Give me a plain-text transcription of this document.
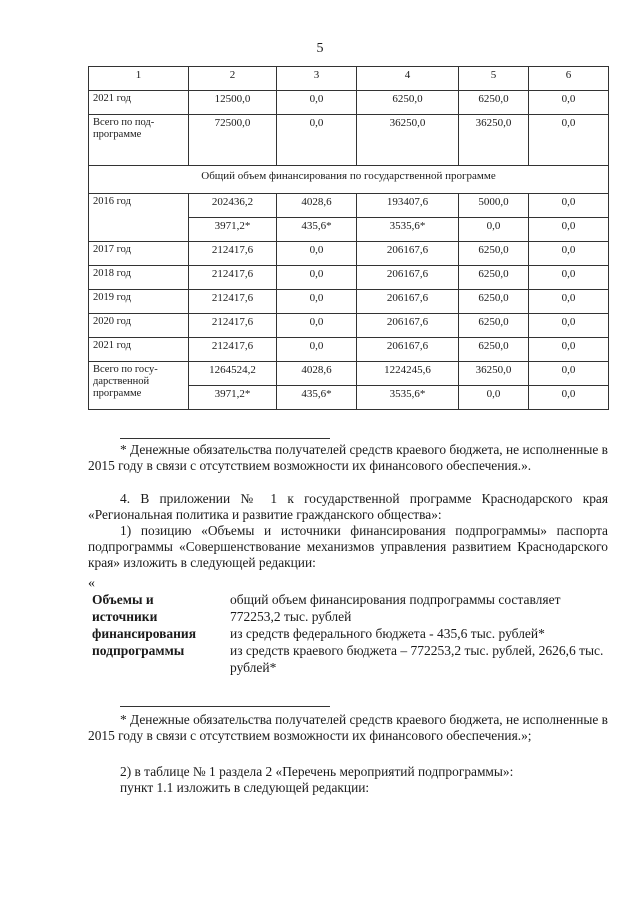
5
1	2	3	4	5	6
2021 год	12500,0	0,0	6250,0	6250,0	0,0
Всего по под-программе	72500,0	0,0	36250,0	36250,0	0,0
Общий объем финансирования по государственной программе					
2016 год	202436,2	4028,6	193407,6	5000,0	0,0
	3971,2*	435,6*	3535,6*	0,0	0,0
2017 год	212417,6	0,0	206167,6	6250,0	0,0
2018 год	212417,6	0,0	206167,6	6250,0	0,0
2019 год	212417,6	0,0	206167,6	6250,0	0,0
2020 год	212417,6	0,0	206167,6	6250,0	0,0
2021 год	212417,6	0,0	206167,6	6250,0	0,0
Всего по госу-дарственной программе	1264524,2	4028,6	1224245,6	36250,0	0,0
	3971,2*	435,6*	3535,6*	0,0	0,0
* Денежные обязательства получателей средств краевого бюджета, не исполненные в 2015 году в связи с отсутствием возможности их финансового обеспечения.».
4. В приложении № 1 к государственной программе Краснодарского края «Региональная политика и развитие гражданского общества»:
1) позицию «Объемы и источники финансирования подпрограммы» паспорта подпрограммы «Совершенствование механизмов управления развитием Краснодарского края» изложить в следующей редакции:
«
Объемы и источники финансирования подпрограммы
общий объем финансирования подпрограммы составляет 772253,2 тыс. рублей
из средств федерального бюджета - 435,6 тыс. рублей*
из средств краевого бюджета – 772253,2 тыс. рублей, 2626,6 тыс. рублей*
* Денежные обязательства получателей средств краевого бюджета, не исполненные в 2015 году в связи с отсутствием возможности их финансового обеспечения.»;
2) в таблице № 1 раздела 2 «Перечень мероприятий подпрограммы»:
пункт 1.1 изложить в следующей редакции:
